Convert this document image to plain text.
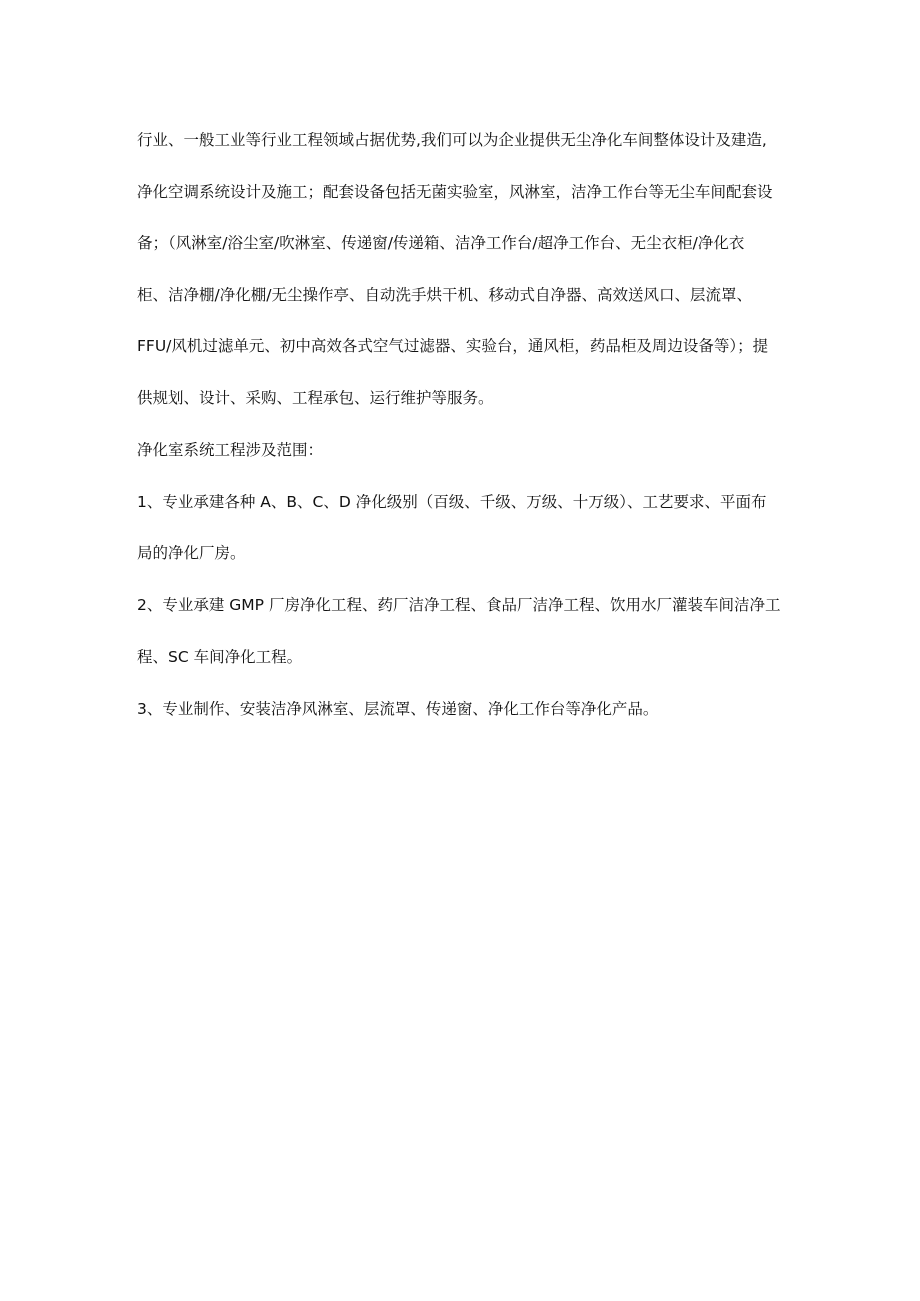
行业、一般工业等行业工程领域占据优势,我们可以为企业提供无尘净化车间整体设计及建造,
净化空调系统设计及施工；配套设备包括无菌实验室，风淋室，洁净工作台等无尘车间配套设
备；（风淋室/浴尘室/吹淋室、传递窗/传递箱、洁净工作台/超净工作台、无尘衣柜/净化衣
柜、洁净棚/净化棚/无尘操作亭、自动洗手烘干机、移动式自净器、高效送风口、层流罩、
FFU/风机过滤单元、初中高效各式空气过滤器、实验台，通风柜，药品柜及周边设备等）；提
供规划、设计、采购、工程承包、运行维护等服务。
净化室系统工程涉及范围：
1、专业承建各种 A、B、C、D 净化级别（百级、千级、万级、十万级）、工艺要求、平面布
局的净化厂房。
2、专业承建 GMP 厂房净化工程、药厂洁净工程、食品厂洁净工程、饮用水厂灌装车间洁净工
程、SC 车间净化工程。
3、专业制作、安装洁净风淋室、层流罩、传递窗、净化工作台等净化产品。
